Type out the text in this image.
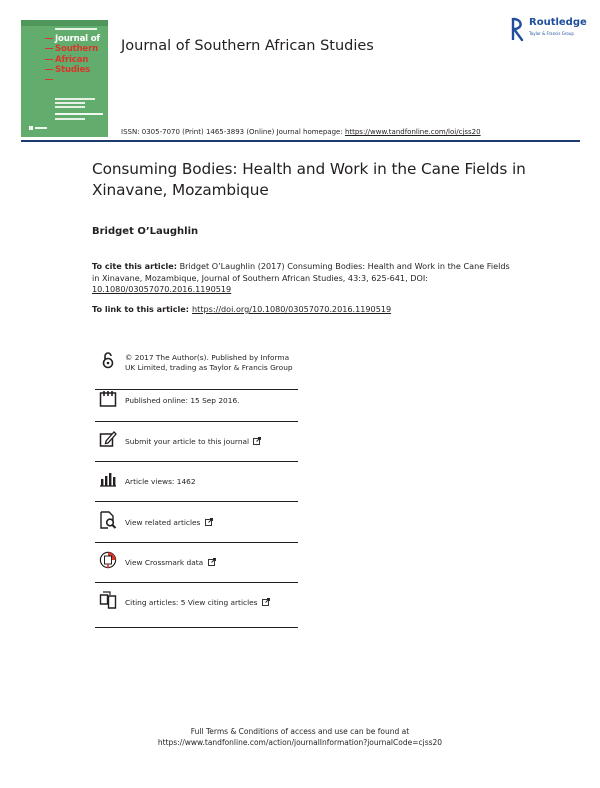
Journal of
Southern
African
Studies
Journal of Southern African Studies
Routledge
Taylor & Francis Group
ISSN: 0305-7070 (Print) 1465-3893 (Online) Journal homepage: https://www.tandfonline.com/loi/cjss20
Consuming Bodies: Health and Work in the Cane Fields in Xinavane, Mozambique
Bridget O’Laughlin
To cite this article: Bridget O’Laughlin (2017) Consuming Bodies: Health and Work in the Cane Fields in Xinavane, Mozambique, Journal of Southern African Studies, 43:3, 625-641, DOI: 10.1080/03057070.2016.1190519
To link to this article: https://doi.org/10.1080/03057070.2016.1190519
© 2017 The Author(s). Published by Informa UK Limited, trading as Taylor & Francis Group
Published online: 15 Sep 2016.
Submit your article to this journal
Article views: 1462
View related articles
View Crossmark data
Citing articles: 5 View citing articles
Full Terms & Conditions of access and use can be found at
https://www.tandfonline.com/action/journalInformation?journalCode=cjss20
